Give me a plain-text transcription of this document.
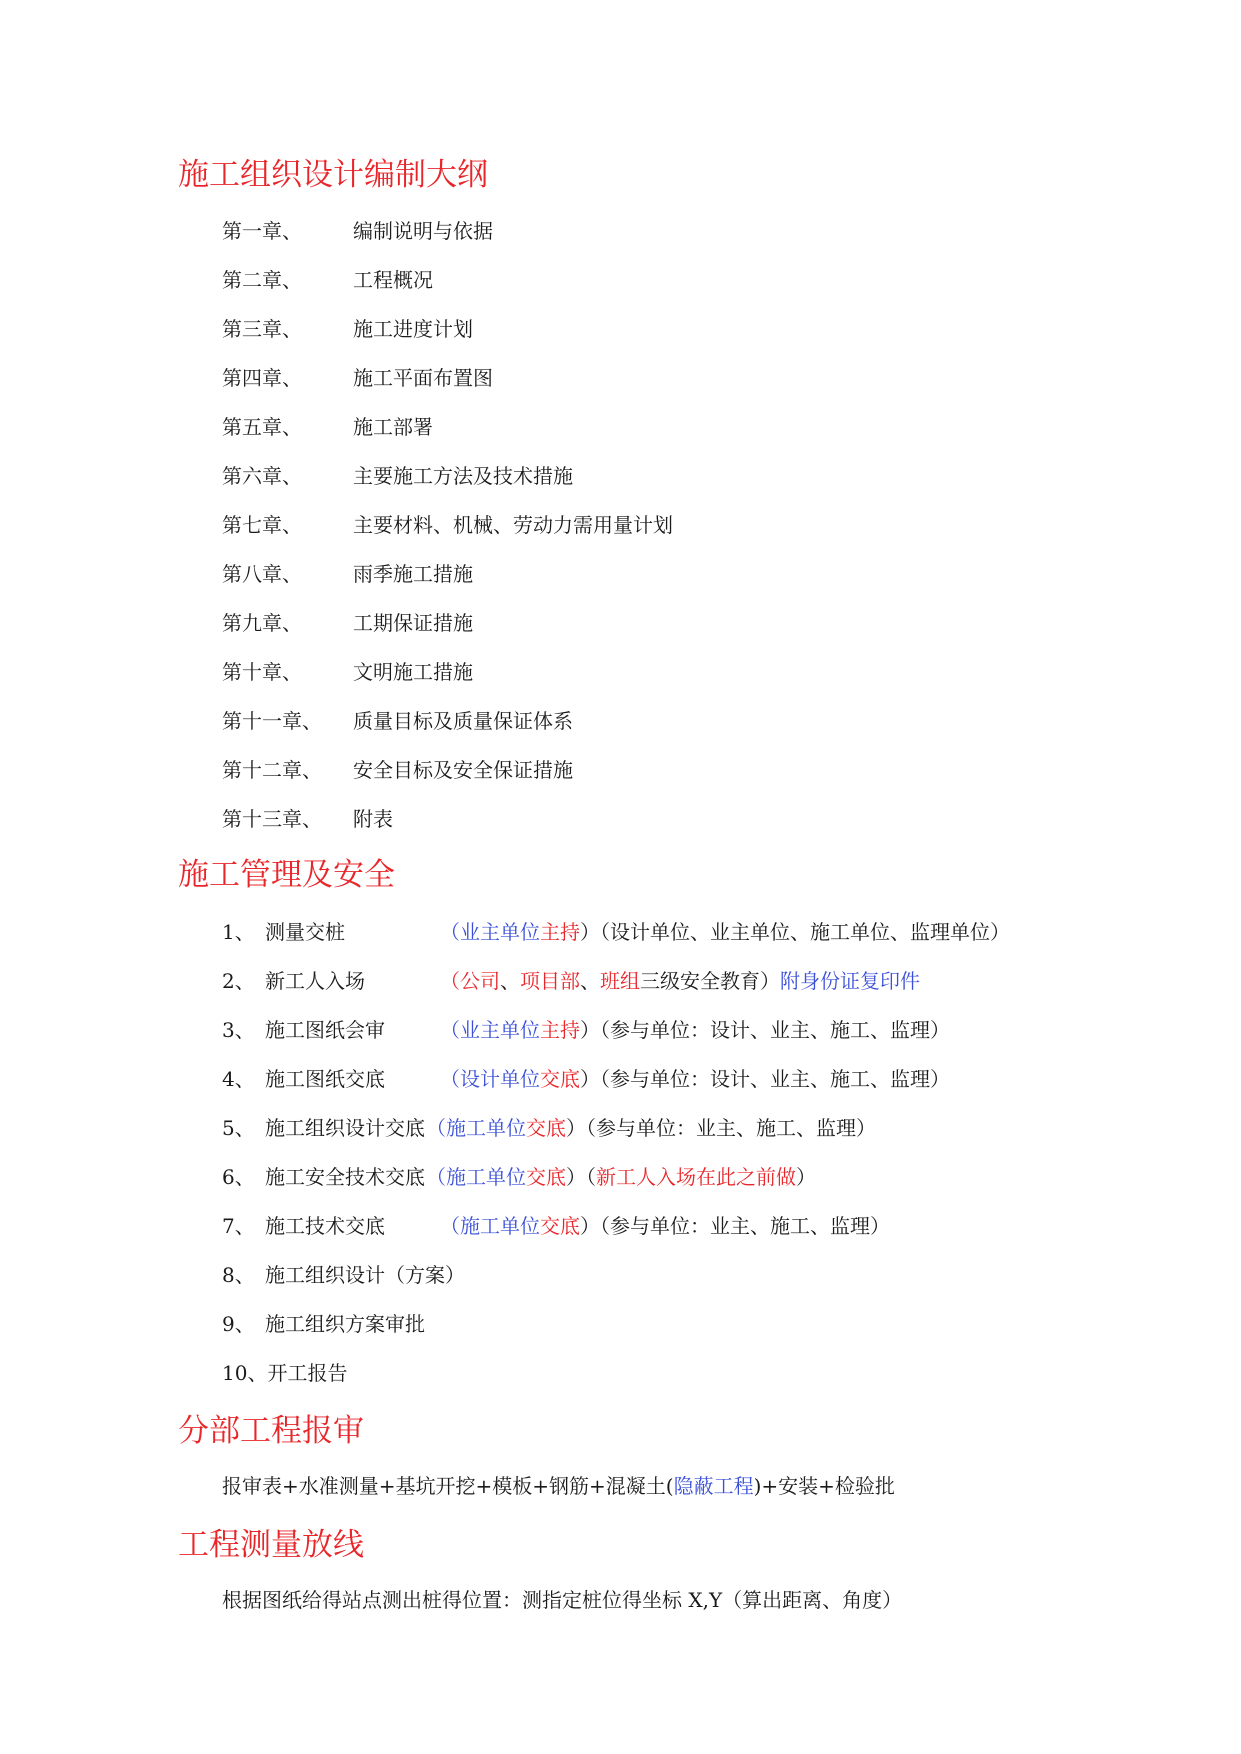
施工组织设计编制大纲
第一章、	编制说明与依据
第二章、	工程概况
第三章、	施工进度计划
第四章、	施工平面布置图
第五章、	施工部署
第六章、	主要施工方法及技术措施
第七章、	主要材料、机械、劳动力需用量计划
第八章、	雨季施工措施
第九章、	工期保证措施
第十章、	文明施工措施
第十一章、 质量目标及质量保证体系
第十二章、 安全目标及安全保证措施
第十三章、 附表
施工管理及安全
1、 测量交桩	（业主单位主持）（设计单位、业主单位、施工单位、监理单位）
2、 新工人入场	（公司、项目部、班组三级安全教育）附身份证复印件
3、 施工图纸会审	（业主单位主持）（参与单位：设计、业主、施工、监理）
4、 施工图纸交底	（设计单位交底）（参与单位：设计、业主、施工、监理）
5、 施工组织设计交底 （施工单位交底）（参与单位：业主、施工、监理）
6、 施工安全技术交底 （施工单位交底）（新工人入场在此之前做）
7、 施工技术交底	（施工单位交底）（参与单位：业主、施工、监理）
8、 施工组织设计（方案）
9、 施工组织方案审批
10、开工报告
分部工程报审
报审表+水准测量+基坑开挖+模板+钢筋+混凝土(隐蔽工程)+安装+检验批
工程测量放线
根据图纸给得站点测出桩得位置：测指定桩位得坐标 X,Y（算出距离、角度）
